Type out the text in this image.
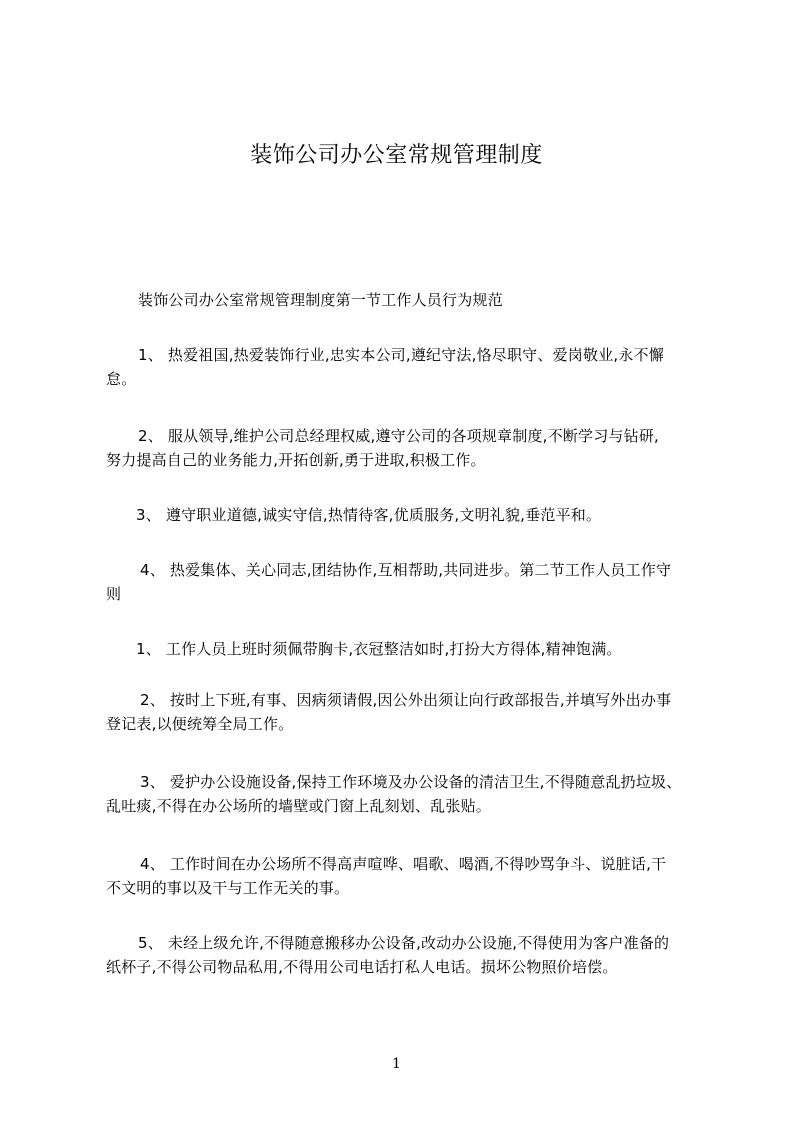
装饰公司办公室常规管理制度
装饰公司办公室常规管理制度第一节工作人员行为规范
1、 热爱祖国,热爱装饰行业,忠实本公司,遵纪守法,恪尽职守、爱岗敬业,永不懈
怠。
2、 服从领导,维护公司总经理权威,遵守公司的各项规章制度,不断学习与钻研,
努力提高自己的业务能力,开拓创新,勇于进取,积极工作。
3、 遵守职业道德,诚实守信,热情待客,优质服务,文明礼貌,垂范平和。
4、 热爱集体、关心同志,团结协作,互相帮助,共同进步。第二节工作人员工作守
则
1、 工作人员上班时须佩带胸卡,衣冠整洁如时,打扮大方得体,精神饱满。
2、 按时上下班,有事、因病须请假,因公外出须让向行政部报告,并填写外出办事
登记表,以便统筹全局工作。
3、 爱护办公设施设备,保持工作环境及办公设备的清洁卫生,不得随意乱扔垃圾、
乱吐痰,不得在办公场所的墙壁或门窗上乱刻划、乱张贴。
4、 工作时间在办公场所不得高声喧哗、唱歌、喝酒,不得吵骂争斗、说脏话,干
不文明的事以及干与工作无关的事。
5、 未经上级允许,不得随意搬移办公设备,改动办公设施,不得使用为客户准备的
纸杯子,不得公司物品私用,不得用公司电话打私人电话。损坏公物照价培偿。
1
